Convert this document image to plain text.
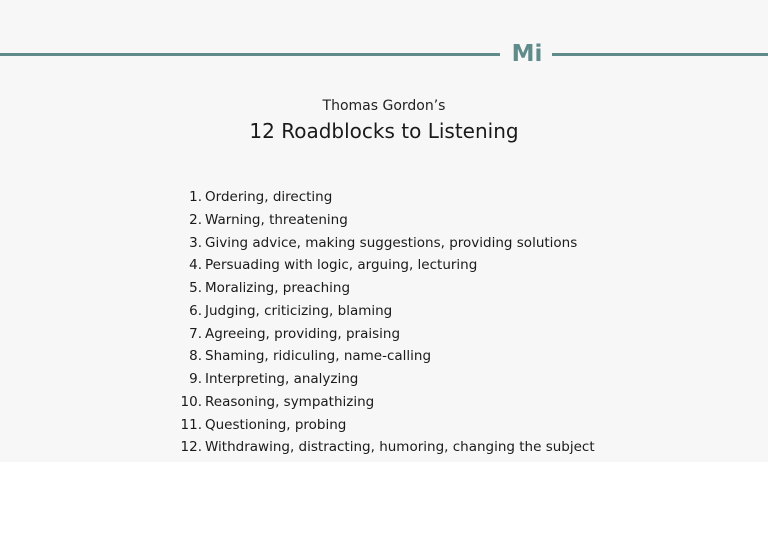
Mi
Thomas Gordon’s
12 Roadblocks to Listening
1. Ordering, directing
2. Warning, threatening
3. Giving advice, making suggestions, providing solutions
4. Persuading with logic, arguing, lecturing
5. Moralizing, preaching
6. Judging, criticizing, blaming
7. Agreeing, providing, praising
8. Shaming, ridiculing, name-calling
9. Interpreting, analyzing
10. Reasoning, sympathizing
11. Questioning, probing
12. Withdrawing, distracting, humoring, changing the subject
